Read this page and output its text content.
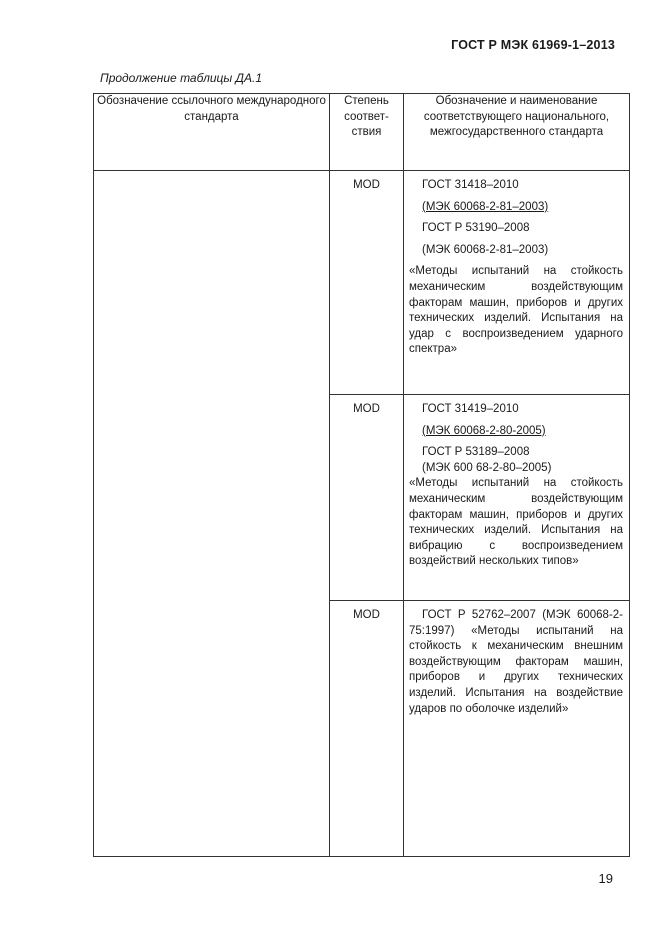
ГОСТ Р МЭК 61969-1–2013
Продолжение таблицы ДА.1
Обозначение ссылочного международного стандарта	Степень соответ-ствия	Обозначение и наименование соответствующего национального, межгосударственного стандарта
	MOD	ГОСТ 31418–2010
(МЭК 60068-2-81–2003)
ГОСТ Р 53190–2008
(МЭК 60068-2-81–2003)
«Методы испытаний на стойкость механическим воздействующим факторам машин, приборов и других технических изделий. Испытания на удар с воспроизведением ударного спектра»

	MOD	ГОСТ 31419–2010
(МЭК 60068-2-80-2005)
ГОСТ Р 53189–2008
(МЭК 600 68-2-80–2005)
«Методы испытаний на стойкость механическим воздействующим факторам машин, приборов и других технических изделий. Испытания на вибрацию с воспроизведением воздействий нескольких типов»

	MOD	ГОСТ Р 52762–2007 (МЭК 60068-2-75:1997) «Методы испытаний на стойкость к механическим внешним воздействующим факторам машин, приборов и других технических изделий. Испытания на воздействие ударов по оболочке изделий»
19
